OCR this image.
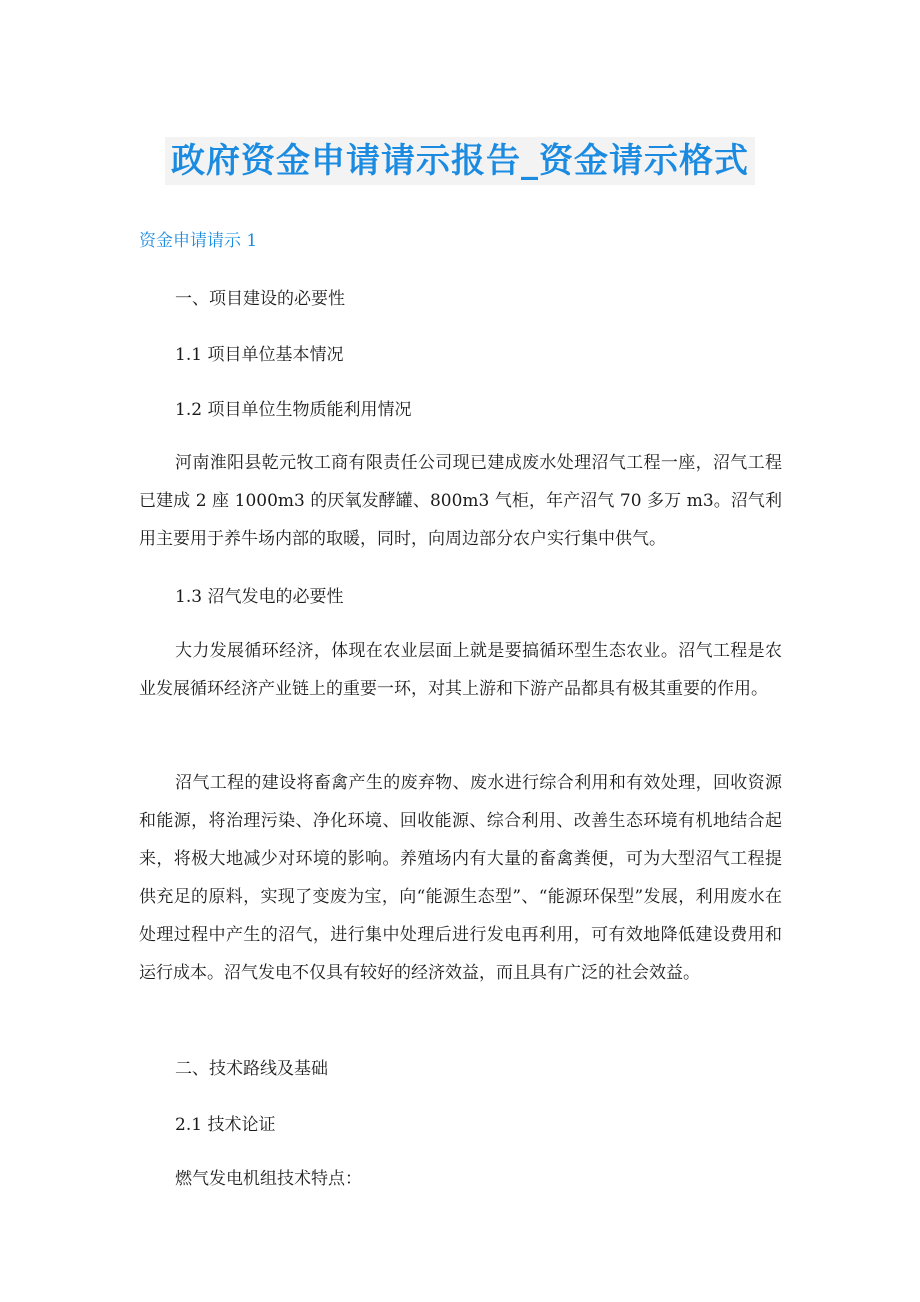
政府资金申请请示报告_资金请示格式

资金申请请示 1

一、项目建设的必要性

1.1 项目单位基本情况

1.2 项目单位生物质能利用情况

河南淮阳县乾元牧工商有限责任公司现已建成废水处理沼气工程一座，沼气工程已建成 2 座 1000m3 的厌氧发酵罐、800m3 气柜，年产沼气 70 多万 m3。沼气利用主要用于养牛场内部的取暖，同时，向周边部分农户实行集中供气。

1.3 沼气发电的必要性

大力发展循环经济，体现在农业层面上就是要搞循环型生态农业。沼气工程是农业发展循环经济产业链上的重要一环，对其上游和下游产品都具有极其重要的作用。

沼气工程的建设将畜禽产生的废弃物、废水进行综合利用和有效处理，回收资源和能源，将治理污染、净化环境、回收能源、综合利用、改善生态环境有机地结合起来，将极大地减少对环境的影响。养殖场内有大量的畜禽粪便，可为大型沼气工程提供充足的原料，实现了变废为宝，向“能源生态型”、“能源环保型”发展，利用废水在处理过程中产生的沼气，进行集中处理后进行发电再利用，可有效地降低建设费用和运行成本。沼气发电不仅具有较好的经济效益，而且具有广泛的社会效益。

二、技术路线及基础

2.1 技术论证

燃气发电机组技术特点：
